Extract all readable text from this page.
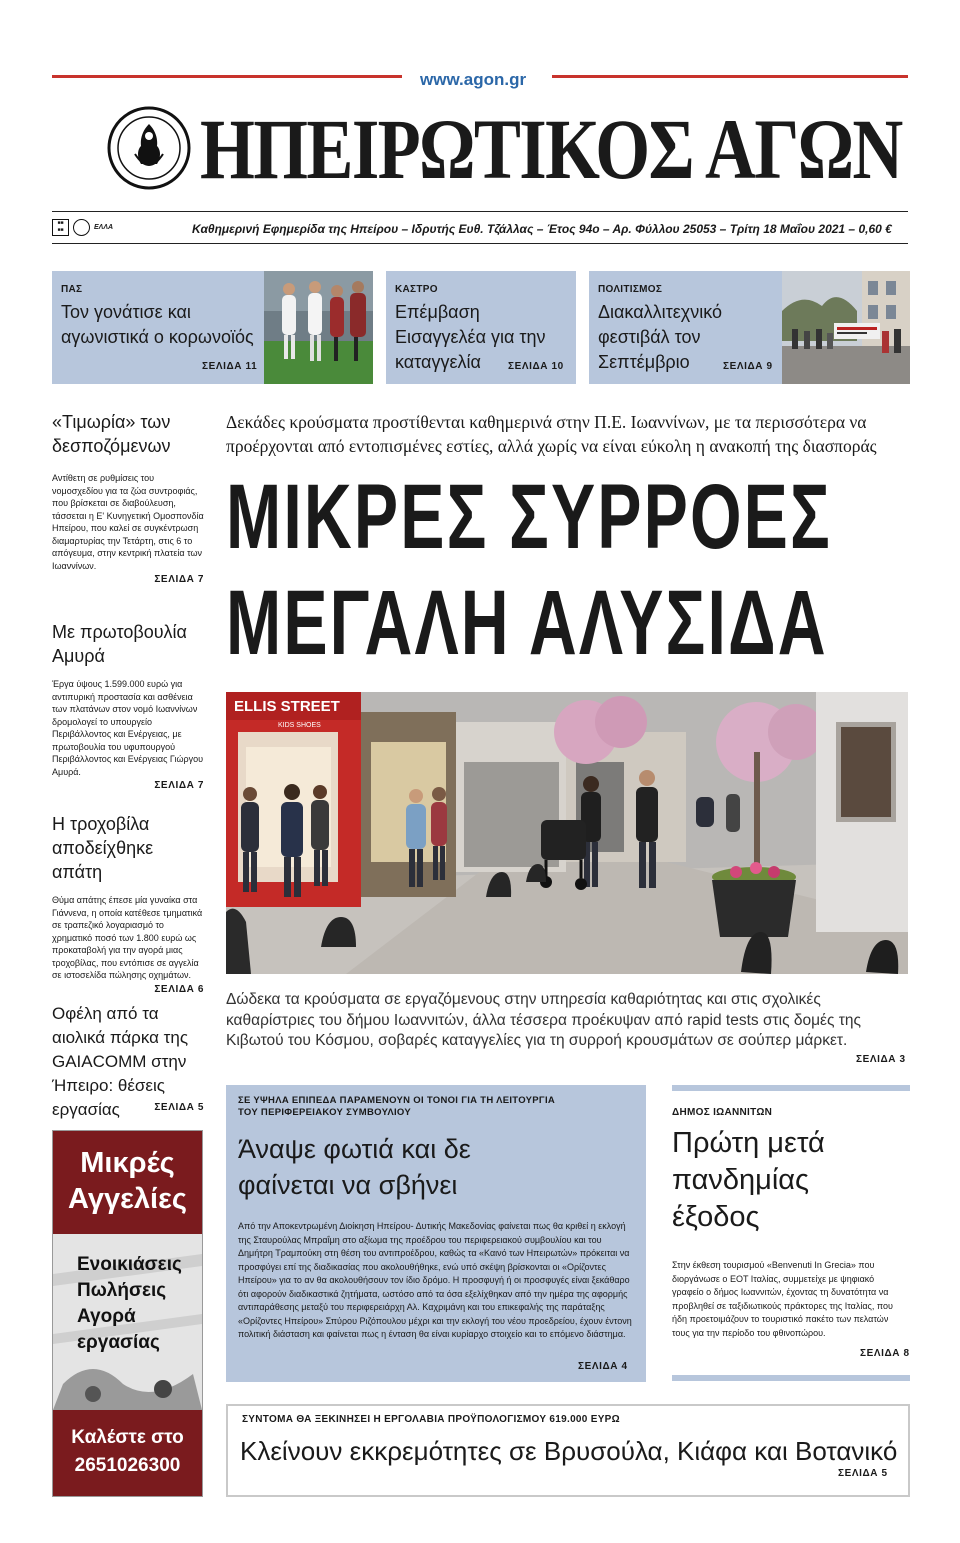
www.agon.gr
ΗΠΕΙΡΩΤΙΚΟΣ ΑΓΩΝ
■■
■■	ΕΛΛΑ	Καθημερινή Εφημερίδα της Ηπείρου – Ιδρυτής Ευθ. Τζάλλας – Έτος 94ο – Αρ. Φύλλου 25053 – Τρίτη 18 Μαΐου 2021 – 0,60 €
ΠΑΣ
Τον γονάτισε και αγωνιστικά ο κορωνοϊός
ΣΕΛΙΔΑ 11
ΚΑΣΤΡΟ
Επέμβαση Εισαγγελέα για την καταγγελία	ΣΕΛΙΔΑ 10
ΠΟΛΙΤΙΣΜΟΣ
Διακαλλιτεχνικό φεστιβάλ τον Σεπτέμβριο	ΣΕΛΙΔΑ 9
«Τιμωρία» των δεσποζόμενων
Αντίθετη σε ρυθμίσεις του νομοσχεδίου για τα ζώα συντροφιάς, που βρίσκεται σε διαβούλευση, τάσσεται η Ε' Κυνηγετική Ομοσπονδία Ηπείρου, που καλεί σε συγκέντρωση διαμαρτυρίας την Τετάρτη, στις 6 το απόγευμα, στην κεντρική πλατεία των Ιωαννίνων.
ΣΕΛΙΔΑ 7
Με πρωτοβουλία Αμυρά
Έργα ύψους 1.599.000 ευρώ για αντιπυρική προστασία και ασθένεια των πλατάνων στον νομό Ιωαννίνων δρομολογεί το υπουργείο Περιβάλλοντος και Ενέργειας, με πρωτοβουλία του υφυπουργού Περιβάλλοντος και Ενέργειας Γιώργου Αμυρά.
ΣΕΛΙΔΑ 7
Η τροχοβίλα αποδείχθηκε απάτη
Θύμα απάτης έπεσε μία γυναίκα στα Γιάννενα, η οποία κατέθεσε τμηματικά σε τραπεζικό λογαριασμό το χρηματικό ποσό των 1.800 ευρώ ως προκαταβολή για την αγορά μιας τροχοβίλας, που εντόπισε σε αγγελία σε ιστοσελίδα πώλησης οχημάτων.
ΣΕΛΙΔΑ 6
Οφέλη από τα αιολικά πάρκα της GAIACOMM στην Ήπειρο: θέσεις εργασίας	ΣΕΛΙΔΑ 5
Μικρές
Αγγελίες
Ενοικιάσεις
Πωλήσεις
Αγορά
εργασίας
Καλέστε στο
2651026300
Δεκάδες κρούσματα προστίθενται καθημερινά στην Π.Ε. Ιωαννίνων, με τα περισσότερα να προέρχονται από εντοπισμένες εστίες, αλλά χωρίς να είναι εύκολη η ανακοπή της διασποράς
ΜΙΚΡΕΣ ΣΥΡΡΟΕΣ
ΜΕΓΑΛΗ ΑΛΥΣΙΔΑ
ELLIS STREET
KIDS SHOES
Δώδεκα τα κρούσματα σε εργαζόμενους στην υπηρεσία καθαριότητας και στις σχολικές καθαρίστριες του δήμου Ιωαννιτών, άλλα τέσσερα προέκυψαν από rapid tests στις δομές της Κιβωτού του Κόσμου, σοβαρές καταγγελίες για τη συρροή κρουσμάτων σε σούπερ μάρκετ.
ΣΕΛΙΔΑ 3
ΣΕ ΥΨΗΛΑ ΕΠΙΠΕΔΑ ΠΑΡΑΜΕΝΟΥΝ ΟΙ ΤΟΝΟΙ ΓΙΑ ΤΗ ΛΕΙΤΟΥΡΓΙΑ ΤΟΥ ΠΕΡΙΦΕΡΕΙΑΚΟΥ ΣΥΜΒΟΥΛΙΟΥ
Άναψε φωτιά και δε φαίνεται να σβήνει
Από την Αποκεντρωμένη Διοίκηση Ηπείρου- Δυτικής Μακεδονίας φαίνεται πως θα κριθεί η εκλογή της Σταυρούλας Μπραΐμη στο αξίωμα της προέδρου του περιφερειακού συμβουλίου και του Δημήτρη Τραμπούκη στη θέση του αντιπροέδρου, καθώς τα «Καινό των Ηπειρωτών» πρόκειται να προσφύγει επί της διαδικασίας που ακολουθήθηκε, ενώ υπό σκέψη βρίσκονται οι «Ορίζοντες Ηπείρου» για το αν θα ακολουθήσουν τον ίδιο δρόμο. Η προσφυγή ή οι προσφυγές είναι ξεκάθαρο ότι αφορούν διαδικαστικά ζητήματα, ωστόσο από τα όσα εξελίχθηκαν από την ημέρα της αφορμής αντιπαράθεσης μεταξύ του περιφερειάρχη Αλ. Καχριμάνη και του επικεφαλής της παράταξης «Ορίζοντες Ηπείρου» Σπύρου Ριζόπουλου μέχρι και την εκλογή του νέου προεδρείου, έχουν έντονη πολιτική διάσταση και φαίνεται πως η ένταση θα είναι κυρίαρχο στοιχείο και το επόμενο διάστημα.
ΣΕΛΙΔΑ 4
ΔΗΜΟΣ ΙΩΑΝΝΙΤΩΝ
Πρώτη μετά πανδημίας έξοδος
Στην έκθεση τουρισμού «Benvenuti In Grecia» που διοργάνωσε ο ΕΟΤ Ιταλίας, συμμετείχε με ψηφιακό γραφείο ο δήμος Ιωαννιτών, έχοντας τη δυνατότητα να προβληθεί σε ταξιδιωτικούς πράκτορες της Ιταλίας, που ήδη προετοιμάζουν το τουριστικό πακέτο των πελατών τους για την περίοδο του φθινοπώρου.
ΣΕΛΙΔΑ 8
ΣΥΝΤΟΜΑ ΘΑ ΞΕΚΙΝΗΣΕΙ Η ΕΡΓΟΛΑΒΙΑ ΠΡΟΫΠΟΛΟΓΙΣΜΟΥ 619.000 ΕΥΡΩ
Κλείνουν εκκρεμότητες σε Βρυσούλα, Κιάφα και Βοτανικό
ΣΕΛΙΔΑ 5
